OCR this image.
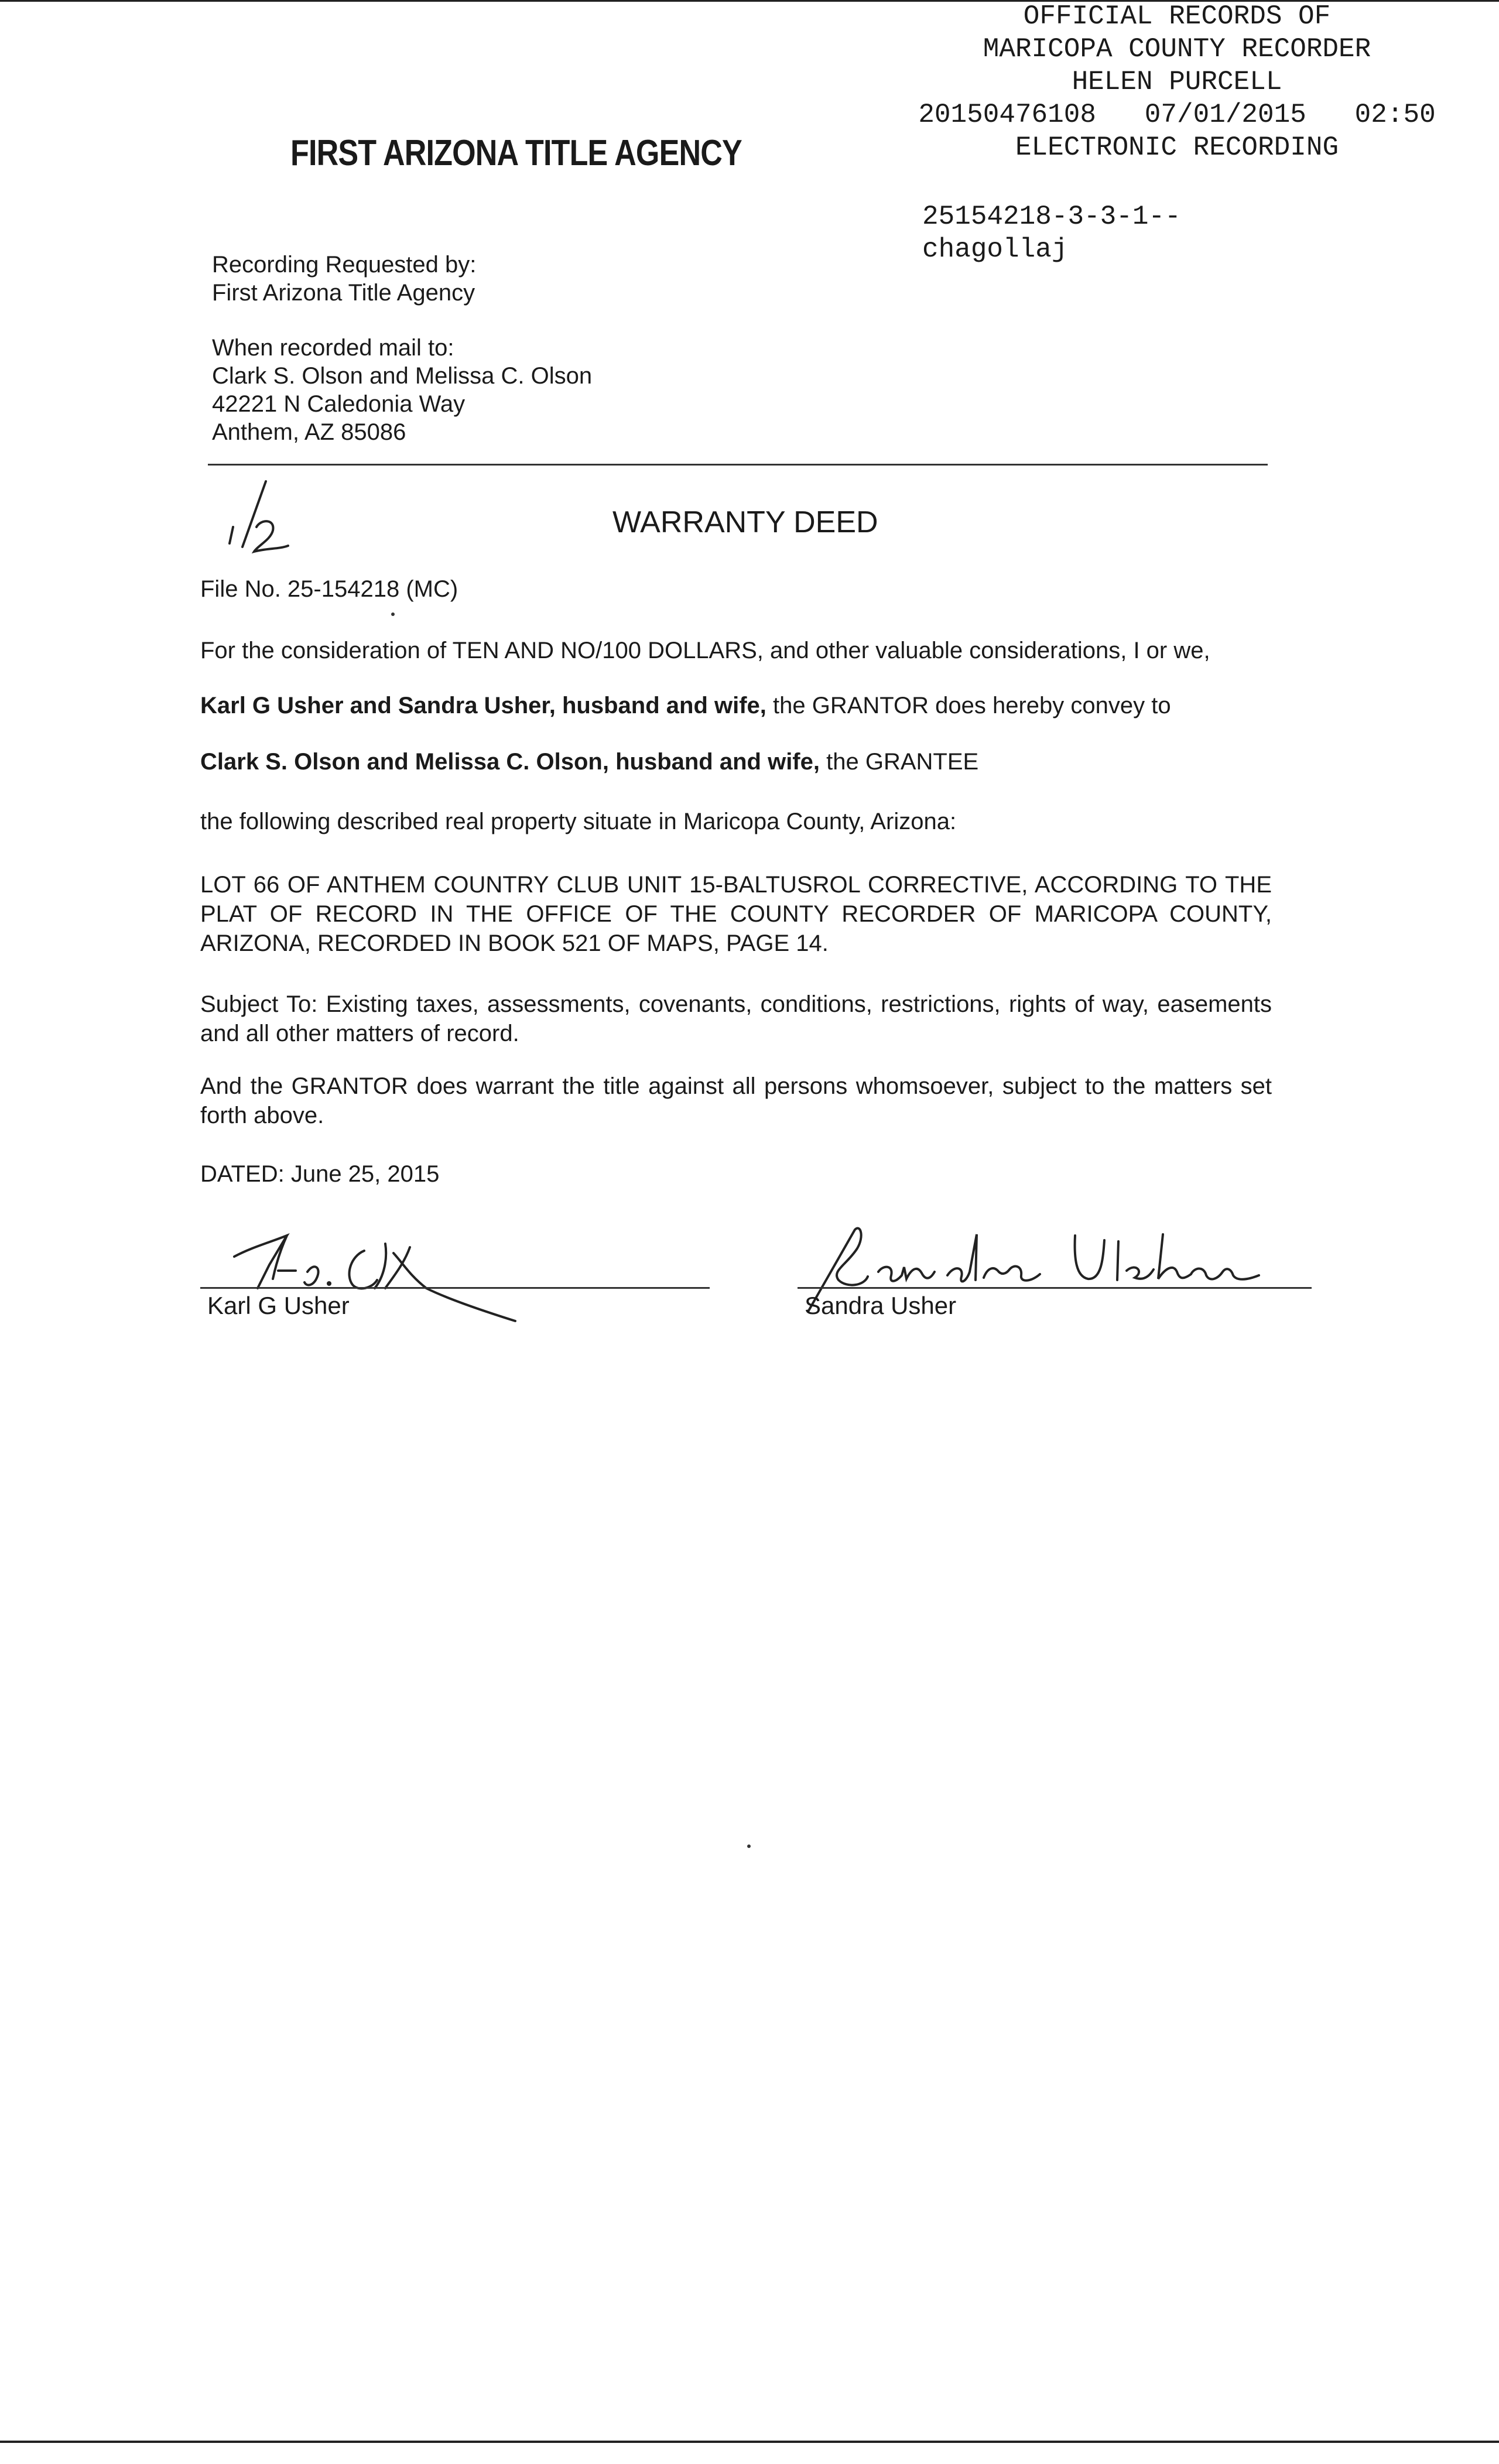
OFFICIAL RECORDS OF
MARICOPA COUNTY RECORDER
HELEN PURCELL
20150476108   07/01/2015   02:50
ELECTRONIC RECORDING
25154218-3-3-1--
chagollaj
FIRST ARIZONA TITLE AGENCY
Recording Requested by:
First Arizona Title Agency
When recorded mail to:
Clark S. Olson and Melissa C. Olson
42221 N Caledonia Way
Anthem, AZ 85086
WARRANTY DEED
File No. 25-154218 (MC)
For the consideration of TEN AND NO/100 DOLLARS, and other valuable considerations, I or we,
Karl G Usher and Sandra Usher, husband and wife, the GRANTOR does hereby convey to
Clark S. Olson and Melissa C. Olson, husband and wife, the GRANTEE
the following described real property situate in Maricopa County, Arizona:
LOT 66 OF ANTHEM COUNTRY CLUB UNIT 15-BALTUSROL CORRECTIVE, ACCORDING TO THE PLAT OF RECORD IN THE OFFICE OF THE COUNTY RECORDER OF MARICOPA COUNTY, ARIZONA, RECORDED IN BOOK 521 OF MAPS, PAGE 14.
Subject To: Existing taxes, assessments, covenants, conditions, restrictions, rights of way, easements and all other matters of record.
And the GRANTOR does warrant the title against all persons whomsoever, subject to the matters set forth above.
DATED: June 25, 2015
Karl G Usher	Sandra Usher
